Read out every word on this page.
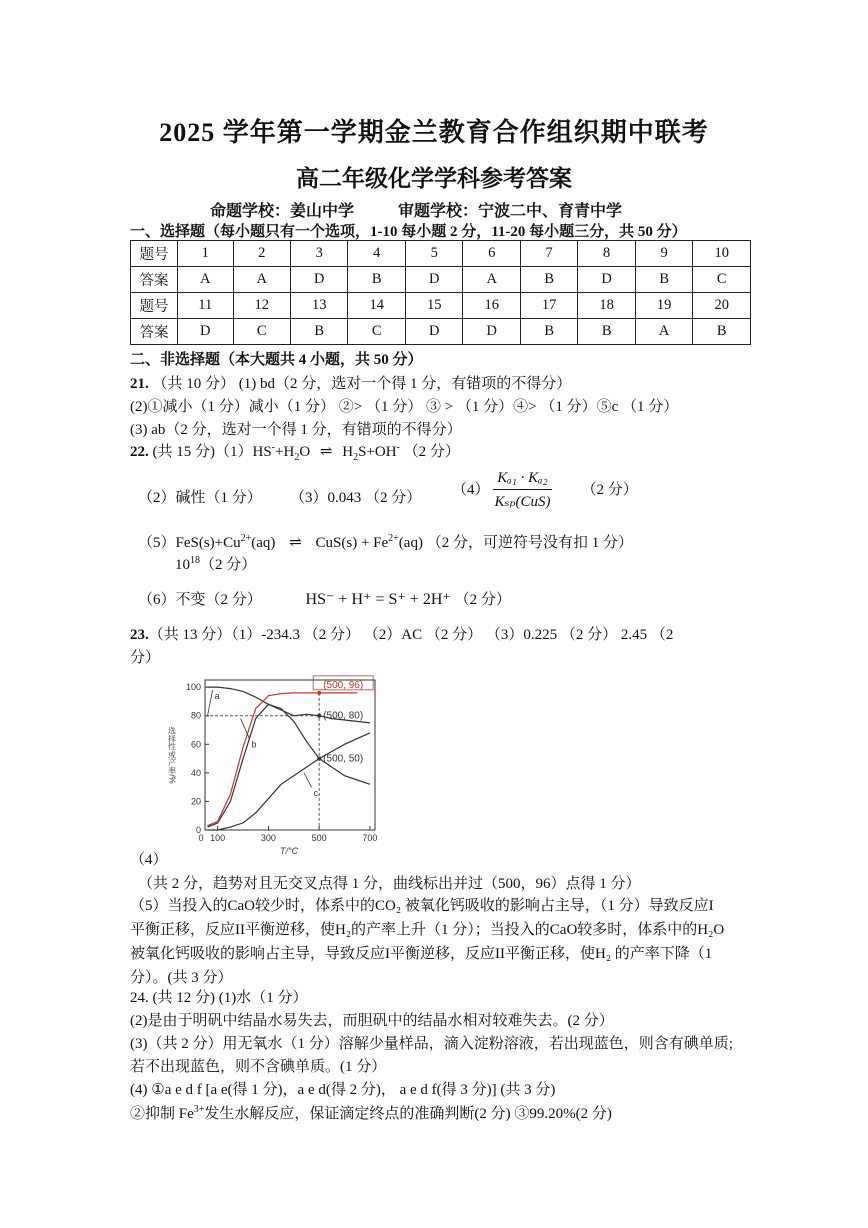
2025 学年第一学期金兰教育合作组织期中联考
高二年级化学学科参考答案
命题学校：姜山中学	审题学校：宁波二中、育青中学
一、选择题（每小题只有一个选项，1-10 每小题 2 分，11-20 每小题三分，共 50 分）
题号	1	2	3	4	5	6	7	8	9	10
答案	A	A	D	B	D	A	B	D	B	C
题号	11	12	13	14	15	16	17	18	19	20
答案	D	C	B	C	D	D	B	B	A	B
二、非选择题（本大题共 4 小题，共 50 分）
21. （共 10 分） (1) bd（2 分，选对一个得 1 分，有错项的不得分）
(2)①减小（1 分）减小（1 分） ②> （1 分） ③ > （1 分）④> （1 分）⑤c （1 分）
(3) ab（2 分，选对一个得 1 分，有错项的不得分）
22. (共 15 分)$(1)HS^-+H_2O$ ⇌ $H_2S+OH^-$ （2 分）
（2）碱性（1 分） （3）0.043 （2 分）
$(4) \frac{\text{Kₐ₁ · Kₐ₂}}{\text{Kₛₚ(CuS)}} (2$ 分）
$(5)FeS(s)+Cu^{2+}(aq)$ ⇌ $CuS(s) + Fe^{2+}(aq)$ （2 分，可逆符号没有扣 1 分）
$10^{18}(2$ 分）
（6）不变（2 分）	HS⁻ + H⁺ = S⁺ + 2H⁺ （2 分）
23.（共 13 分）（1）-234.3 （2 分） （2）AC （2 分） （3）0.225 （2 分） 2.45 （2
分）
0
20
40
60
80
100
100	300	500	700
0
T/°C
选择性或产率/%
a
b
c
(500, 96)
(500, 80)
(500, 50)
（4）
（共 2 分，趋势对且无交叉点得 1 分，曲线标出并过（500，96）点得 1 分）
（5）当投入的CaO较少时，体系中的CO₂ 被氧化钙吸收的影响占主导，（1 分）导致反应I
平衡正移，反应II平衡逆移，使H₂的产率上升（1 分）；当投入的CaO较多时，体系中的H₂O
被氧化钙吸收的影响占主导，导致反应I平衡逆移，反应II平衡正移，使H₂ 的产率下降（1
分）。(共 3 分）
24. (共 12 分) (1)水（1 分）
(2)是由于明矾中结晶水易失去，而胆矾中的结晶水相对较难失去。(2 分）
(3)（共 2 分）用无氧水（1 分）溶解少量样品，滴入淀粉溶液，若出现蓝色，则含有碘单质;
若不出现蓝色，则不含碘单质。(1 分）
(4) ①a e d f [a e(得 1 分)，a e d(得 2 分)， a e d f(得 3 分)] (共 3 分)
②抑制 $Fe^{3+}$发生水解反应，保证滴定终点的准确判断(2 分) ③99.20%(2 分)
